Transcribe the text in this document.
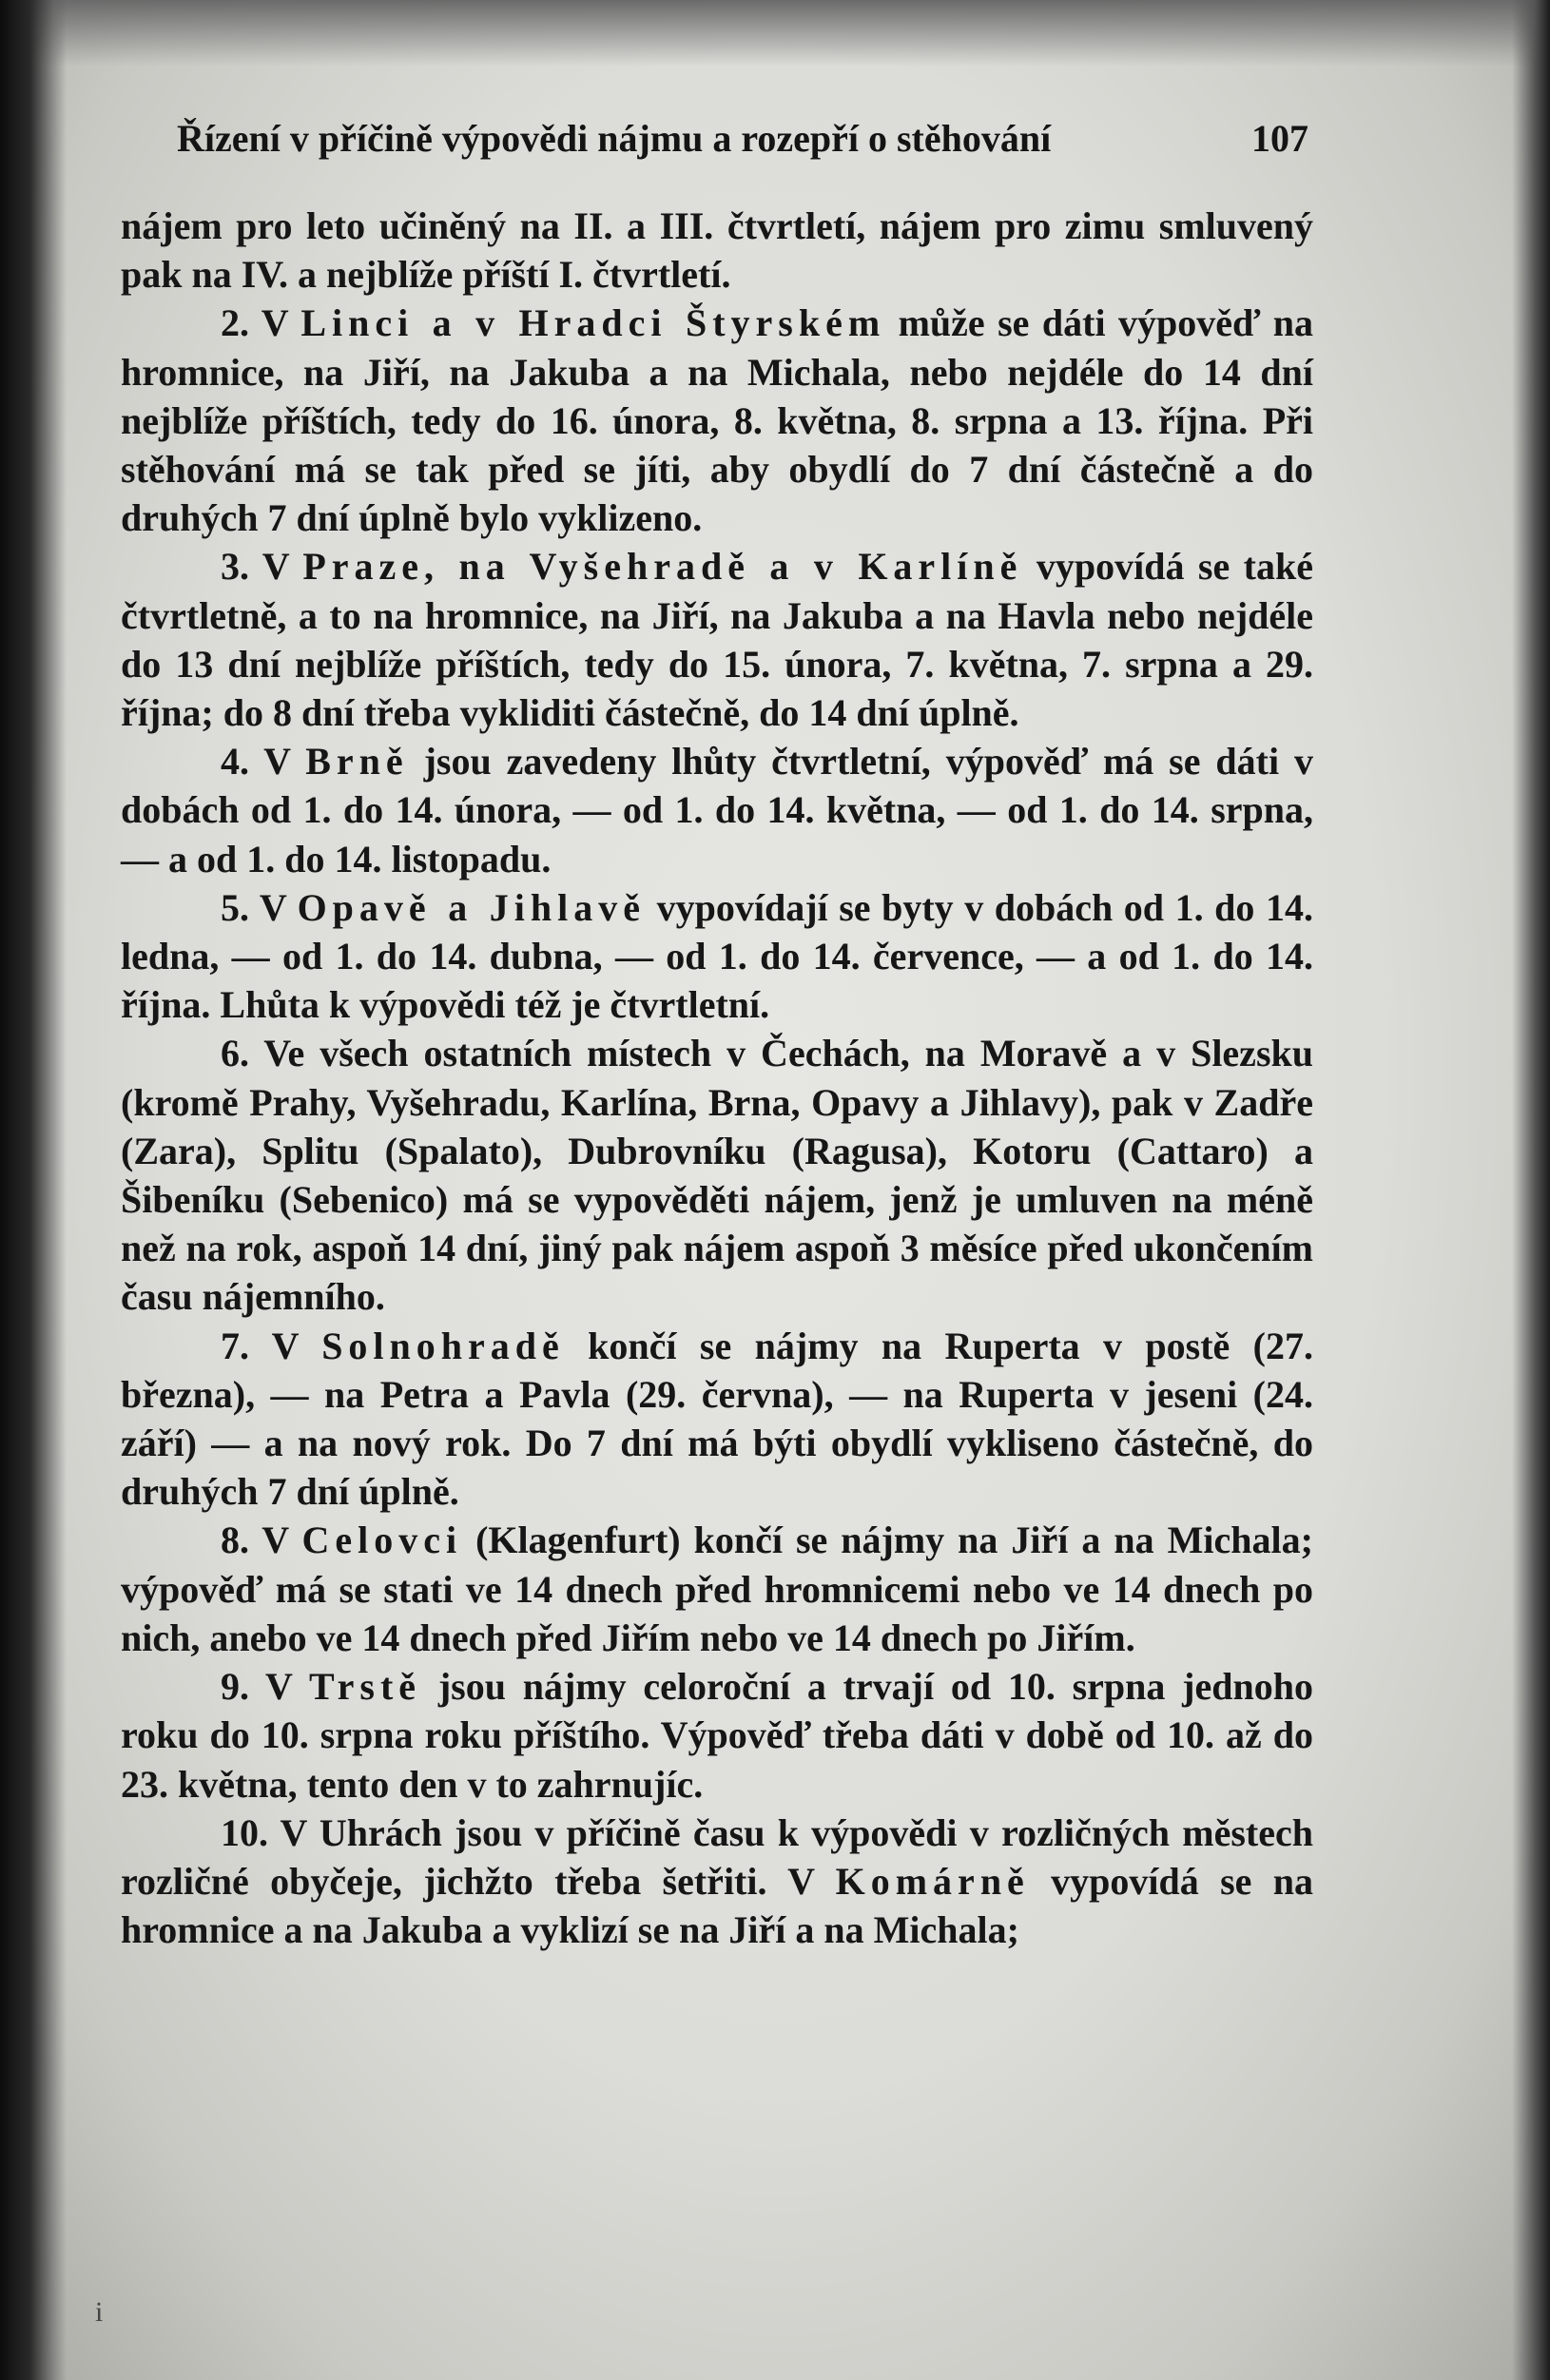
Řízení v příčině výpovědi nájmu a rozepří o stěhování	107

nájem pro leto učiněný na II. a III. čtvrtletí, nájem pro zimu smluvený pak na IV. a nejblíže příští I. čtvrtletí.

2. V Linci a v Hradci Štyrském může se dáti výpověď na hromnice, na Jiří, na Jakuba a na Michala, nebo nejdéle do 14 dní nejblíže příštích, tedy do 16. února, 8. května, 8. srpna a 13. října. Při stěhování má se tak před se jíti, aby obydlí do 7 dní částečně a do druhých 7 dní úplně bylo vyklizeno.

3. V Praze, na Vyšehradě a v Karlíně vypovídá se také čtvrtletně, a to na hromnice, na Jiří, na Jakuba a na Havla nebo nejdéle do 13 dní nejblíže příštích, tedy do 15. února, 7. května, 7. srpna a 29. října; do 8 dní třeba vykliditi částečně, do 14 dní úplně.

4. V Brně jsou zavedeny lhůty čtvrtletní, výpověď má se dáti v dobách od 1. do 14. února, — od 1. do 14. května, — od 1. do 14. srpna, — a od 1. do 14. listopadu.

5. V Opavě a Jihlavě vypovídají se byty v dobách od 1. do 14. ledna, — od 1. do 14. dubna, — od 1. do 14. července, — a od 1. do 14. října. Lhůta k výpovědi též je čtvrtletní.

6. Ve všech ostatních místech v Čechách, na Moravě a v Slezsku (kromě Prahy, Vyšehradu, Karlína, Brna, Opavy a Jihlavy), pak v Zadře (Zara), Splitu (Spalato), Dubrovníku (Ragusa), Kotoru (Cattaro) a Šibeníku (Sebenico) má se vypověděti nájem, jenž je umluven na méně než na rok, aspoň 14 dní, jiný pak nájem aspoň 3 měsíce před ukončením času nájemního.

7. V Solnohradě končí se nájmy na Ruperta v postě (27. března), — na Petra a Pavla (29. června), — na Ruperta v jeseni (24. září) — a na nový rok. Do 7 dní má býti obydlí vykliseno částečně, do druhých 7 dní úplně.

8. V Celovci (Klagenfurt) končí se nájmy na Jiří a na Michala; výpověď má se stati ve 14 dnech před hromnicemi nebo ve 14 dnech po nich, anebo ve 14 dnech před Jiřím nebo ve 14 dnech po Jiřím.

9. V Trstě jsou nájmy celoroční a trvají od 10. srpna jednoho roku do 10. srpna roku příštího. Výpověď třeba dáti v době od 10. až do 23. května, tento den v to zahrnujíc.

10. V Uhrách jsou v příčině času k výpovědi v rozličných městech rozličné obyčeje, jichžto třeba šetřiti. V Komárně vypovídá se na hromnice a na Jakuba a vyklizí se na Jiří a na Michala;

i
